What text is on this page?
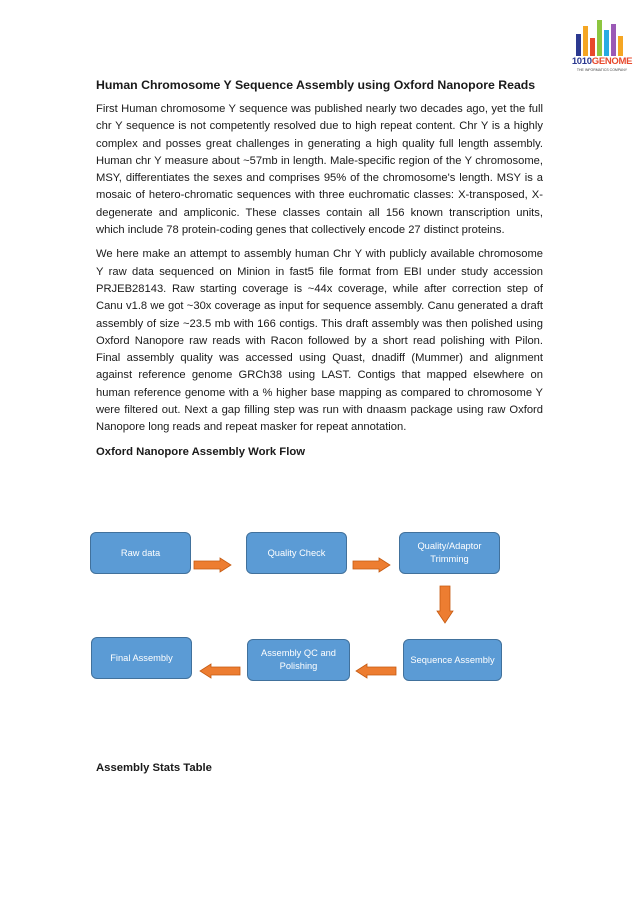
1010GENOME
THE INFORMATICS COMPANY
Human Chromosome Y Sequence Assembly using Oxford Nanopore Reads

First Human chromosome Y sequence was published nearly two decades ago, yet the full chr Y sequence is not competently resolved due to high repeat content. Chr Y is a highly complex and posses great challenges in generating a high quality full length assembly. Human chr Y measure about ~57mb in length. Male-specific region of the Y chromosome, MSY, differentiates the sexes and comprises 95% of the chromosome's length. MSY is a mosaic of hetero-chromatic sequences with three euchromatic classes: X-transposed, X-degenerate and ampliconic. These classes contain all 156 known transcription units, which include 78 protein-coding genes that collectively encode 27 distinct proteins.

We here make an attempt to assembly human Chr Y with publicly available chromosome Y raw data sequenced on Minion in fast5 file format from EBI under study accession PRJEB28143. Raw starting coverage is ~44x coverage, while after correction step of Canu v1.8 we got ~30x coverage as input for sequence assembly. Canu generated a draft assembly of size ~23.5 mb with 166 contigs. This draft assembly was then polished using Oxford Nanopore raw reads with Racon followed by a short read polishing with Pilon. Final assembly quality was accessed using Quast, dnadiff (Mummer) and alignment against reference genome GRCh38 using LAST. Contigs that mapped elsewhere on human reference genome with a % higher base mapping as compared to chromosome Y were filtered out. Next a gap filling step was run with dnaasm package using raw Oxford Nanopore long reads and repeat masker for repeat annotation.

Oxford Nanopore Assembly Work Flow
Raw data	Quality Check
Quality/Adaptor Trimming
Sequence Assembly
Assembly QC and Polishing
Final Assembly
Assembly Stats Table
